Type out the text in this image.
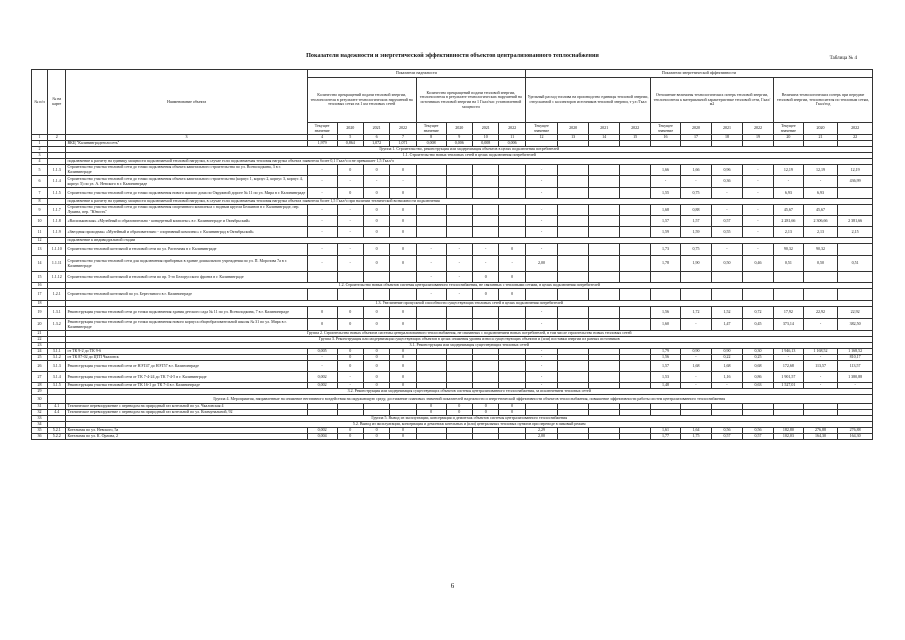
Показатели надежности и энергетической эффективности объектов централизованного теплоснабжения	Таблица № 4
№ п/п	№ на карте	Наименование объекта	Показатели надежности								Показатели энергетической эффективности										
			Количество прекращений подачи тепловой энергии, теплоносителя в результате технологических нарушений на тепловых сетях на 1 км тепловых сетей				Количество прекращений подачи тепловой энергии, теплоносителя в результате технологических нарушений на источниках тепловой энергии на 1 Гкал/час установленной мощности				Удельный расход топлива на производство единицы тепловой энергии, отпускаемой с коллекторов источников тепловой энергии, т у.т./Гкал				Отношение величины технологических потерь тепловой энергии, теплоносителя к материальной характеристике тепловой сети, Гкал/м2				Величина технологических потерь при передаче тепловой энергии, теплоносителя по тепловым сетям, Гкал/год		
			Текущее значение	2020	2021	2022	Текущее значение	2020	2021	2022	Текущее значение	2020	2021	2022	Текущее значение	2020	2021	2022	Текущее значение	2020	2022
1	2	3	4	5	6	7	8	9	10	11	12	13	14	15	16	17	18	19	20	21	22
1		ВКЦ "Калининградтеплосеть"	1,979	0,864	1,072	1,071	0,008	0,006	0,008	0,006											
2		Группа 1. Строительство, реконструкция или модернизация объектов в целях подключения потребителей																			
3		1.1. Строительство новых тепловых сетей в целях подключения потребителей																			
4		подключение к расчету на единицу мощности подключаемой тепловой нагрузки, в случае если подключаемая тепловая нагрузка объекта заявителя более 0,1 Гкал/ч и не превышает 1,5 Гкал/ч																			
5	1.1.3	Строительство участка тепловой сети до точки подключения объекта капитального строительства по ул. Всеволодкина, 3 в г. Калининграде	-	0	0	0					-				1,66	1,66	0,96	-	12,19	12,19	12,19
6	1.1.4	Строительство участка тепловой сети до точки подключения объекта капитального строительства (корпус 1, корпус 2, корпус 3, корпус 4, корпус 5) по ул. А. Невского в г. Калининграде	-	-	-	-					-				-	-	0,36	-	-	-	436,99
7	1.1.5	Строительство участка тепловой сети до точки подключения нового жилого дома по Окружной дороге № 11 по ул. Мира в г. Калининграде	-	0	0	0					-				1,55	0,75	-	-	6,93	6,93	
8		подключение к расчету на единицу мощности подключаемой тепловой нагрузки, в случае если подключаемая тепловая нагрузка объекта заявителя более 1,5 Гкал/ч при наличии технической возможности подключения																			
9	1.1.7	Строительство участка тепловой сети до точки подключения спортивного комплекса с водным кругом Белкинов в г. Калининграде, пер. Лукина, пер. "Юность"	-	-	0	0					-				1,68	0,88	-	-	45,67	45,67	
10	1.1.8	«Васильковская» «Музейный и образовательно - концертный комплекс» в г. Калининграде и Октябрьский»	-	-	0	0					-				1,57	1,57	0,57	-	2 281,66	2 306,66	2 381,66
11	1.1.9	«Звездная проходная» «Музейный и образовательно - спортивный комплекс» г. Калининград в Октябрьский»	-	-	0	0					-				1,59	1,59	0,55	-	2,13	2,13	2,15
12		подключение к индивидуальной стадии																			
13	1.1.10	Строительство тепловой котельной и тепловой сети по ул. Расточная в г. Калининграде	-	-	0	0	-	-	-	0	-				1,73	0,75	-	-	90,32	90,32	
14	1.1.11	Строительство участка тепловой сети для подключения приборных в здание дошкольного учреждения по ул. П. Морозова 7а в г. Калининграде	-	-	0	0	-	-	-	-	2,00				1,78	1,90	0,50	0,46	0,51	0,50	0,51
15	1.1.12	Строительство тепловой котельной и тепловой сети по пр. 5-го Белорусского фронта в г. Калининграде					-	-	0	0											
16		1.2. Строительство новых объектов системы централизованного теплоснабжения, не связанных с тепловыми сетями, в целях подключения потребителей																			
17	1.2.1	Строительство тепловой котельной по ул. Берестяного в г. Калининграде					-	-	0	0											
18		1.3. Увеличение пропускной способности существующих тепловых сетей в целях подключения потребителей																			
19	1.3.1	Реконструкция участка тепловой сети до точки подключения здания детского сада № 11 по ул. Всеволодкина, 7 в г. Калининграде	0	0	0	0					-				1,56	1,72	1,52	0,72	17,92	22,92	22,92
20	1.3.2	Реконструкция участка тепловой сети до точки подключения нового корпуса общеобразовательной школы № 31 по ул. Мира в г. Калининграде	0	0	0	0					-				1,60	-	1,47	0,45	373,14	-	382,50
21		Группа 2. Строительство новых объектов системы централизованного теплоснабжения, не связанных с подключением новых потребителей, в том числе строительство новых тепловых сетей																			
22		Группа 3. Реконструкция или модернизация существующих объектов в целях снижения уровня износа существующих объектов и (или) поставки энергии из разных источников																			
23		3.1. Реконструкция или модернизация существующих тепловых сетей																			
24	3.1.1	от ТК 9-2 до ТК 9-6	0,005	0	0	0					-				1,79	0,90	0,90	0,30	1 946,13	1 168,52	1 168,52
25	3.1.2	от ТК 87-02 до ЦТП Чкаловск	-	0	0	0					-				1,56	-	0,22	0,25	-	-	810,17
26	3.1.3	Реконструкция участка тепловой сети от НЭТ47 до НЭТ57 в г. Калининграде	-	0	0	0					-				1,57	1,68	1,68	0,68	172,68	113,57	113,57
27	3.1.4	Реконструкция участка тепловой сети от ТК 7-4-24 до ТК 7-4-5 в г. Калининграде	0,002	-	0	0					-				1,53	-	1,16	0,86	1 901,57	-	1 380,88
28	3.1.5	Реконструкция участка тепловой сети от ТК 16-1 до ТК 7-4 в г. Калининграде	0,002	-	0	0					-				1,48	-	-	0,63	1 527,01	-	-
29		3.2. Реконструкция или модернизация существующих объектов системы централизованного теплоснабжения, за исключением тепловых сетей																			
30		Группа 4. Мероприятия, направленные на снижение негативного воздействия на окружающую среду, достижение плановых значений показателей надежности и энергетической эффективности объектов теплоснабжения, повышение эффективности работы систем централизованного теплоснабжения																			
31	4.1	Техническое перевооружение с переводом на природный газ котельной по ул. Чкаловская 4					0	0	0	0											
32	4.4	Техническое перевооружение с переводом на природный газ котельной по ул. Коммунальной, 92					0	0	0	0											
33		Группа 5. Вывод из эксплуатации, консервация и демонтаж объектов системы централизованного теплоснабжения																			
34		5.2. Вывод из эксплуатации, консервация и демонтаж котельных и (или) центральных тепловых пунктов при переводе в пиковый режим																			
35	5.2.1	Котельная по ул. Невского, 5а	0,002	0	0	0					2,29				1,61	1,64	0,56	0,56	182,80	276,88	276,88
36	5.2.2	Котельная по ул. К. Орлова, 2	0,004	0	0	0					2,00				1,77	1,75	0,57	0,57	102,03	164,30	164,30
6
